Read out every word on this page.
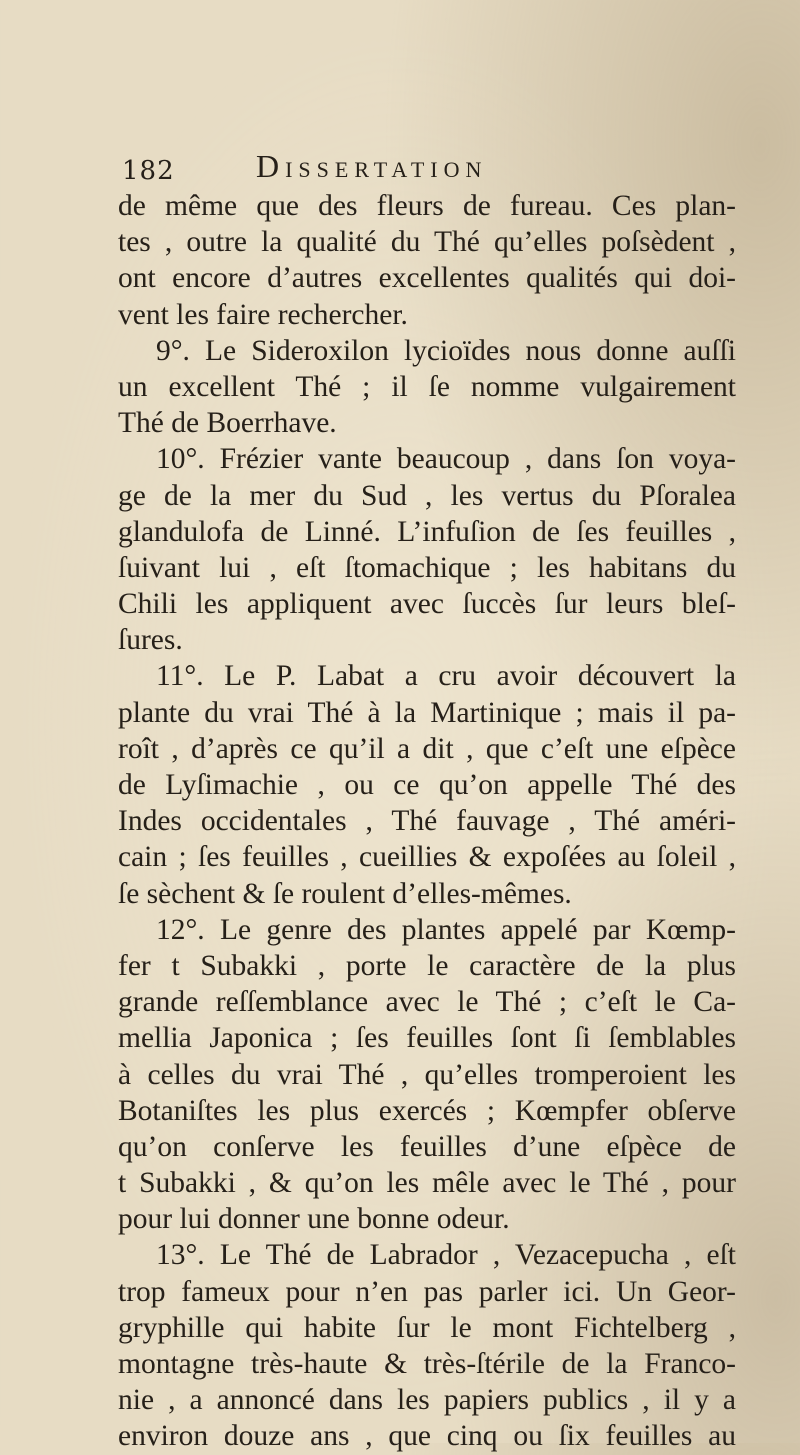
182	Dissertation
de même que des fleurs de fureau. Ces plan-
tes , outre la qualité du Thé qu’elles poſsèdent ,
ont encore d’autres excellentes qualités qui doi-
vent les faire rechercher.
9°. Le Sideroxilon lycioïdes nous donne auſſi
un excellent Thé ; il ſe nomme vulgairement
Thé de Boerrhave.
10°. Frézier vante beaucoup , dans ſon voya-
ge de la mer du Sud , les vertus du Pſoralea
glandulofa de Linné. L’infuſion de ſes feuilles ,
ſuivant lui , eſt ſtomachique ; les habitans du
Chili les appliquent avec ſuccès ſur leurs bleſ-
ſures.
11°. Le P. Labat a cru avoir découvert la
plante du vrai Thé à la Martinique ; mais il pa-
roît , d’après ce qu’il a dit , que c’eſt une eſpèce
de Lyſimachie , ou ce qu’on appelle Thé des
Indes occidentales , Thé fauvage , Thé améri-
cain ; ſes feuilles , cueillies & expoſées au ſoleil ,
ſe sèchent & ſe roulent d’elles-mêmes.
12°. Le genre des plantes appelé par Kœmp-
fer t Subakki , porte le caractère de la plus
grande reſſemblance avec le Thé ; c’eſt le Ca-
mellia Japonica ; ſes feuilles ſont ſi ſemblables
à celles du vrai Thé , qu’elles tromperoient les
Botaniſtes les plus exercés ; Kœmpfer obſerve
qu’on conſerve les feuilles d’une eſpèce de
t Subakki , & qu’on les mêle avec le Thé , pour
pour lui donner une bonne odeur.
13°. Le Thé de Labrador , Vezacepucha , eſt
trop fameux pour n’en pas parler ici. Un Geor-
gryphille qui habite ſur le mont Fichtelberg ,
montagne très-haute & très-ſtérile de la Franco-
nie , a annoncé dans les papiers publics , il y a
environ douze ans , que cinq ou ſix feuilles au
